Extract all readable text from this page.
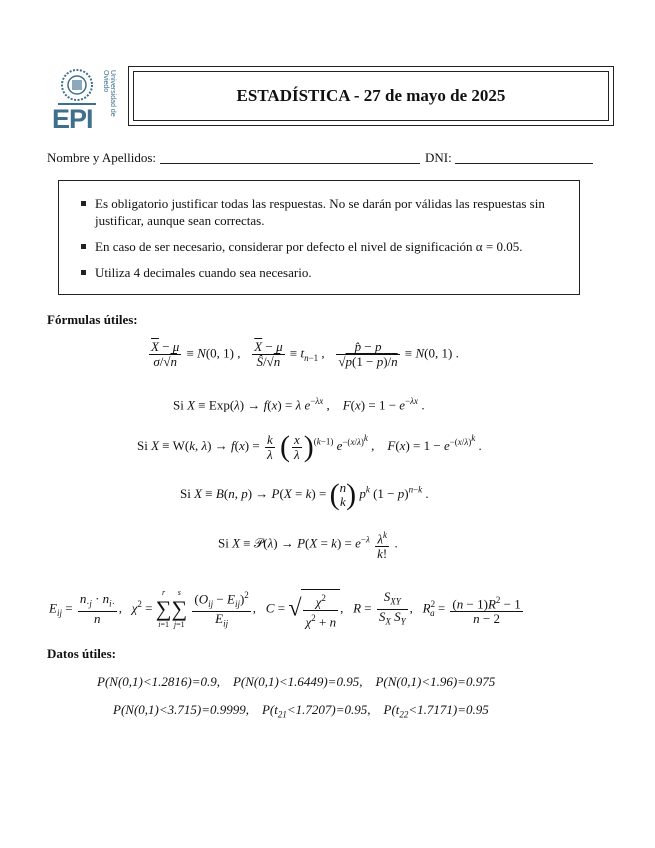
EPI
Universidad de Oviedo
ESTADÍSTICA - 27 de mayo de 2025
Nombre y Apellidos:	DNI:
Es obligatorio justificar todas las respuestas. No se darán por válidas las respuestas sin justificar, aunque sean correctas.
En caso de ser necesario, considerar por defecto el nivel de significación α = 0.05.
Utiliza 4 decimales cuando sea necesario.
Fórmulas útiles:
$\frac{\overline{X} - \mu}{\sigma/√n} \equiv N(0$, 1) , $\frac{\overline{X} - \mu}{Ŝ/√n} \equiv t_{n-1}$ , $\frac{p̂ - p}{√p(1 - p)/n} \equiv N(0$, 1) .
Si X ≡ Exp(λ) → f(x) = λ $e^{-\lambda x}$ ,    $F(x) = 1 - e^{-\lambda x}$ .
Si X ≡ W(k, $\lambda) \to f(x) = \frac{k}{\lambda}$ ( $\frac{x}{\lambda} )^{(k-1)}$ $e^{-(x/\lambda)^k}$ ,    $F(x) = 1 - e^{-(x/\lambda)^k}$ .
Si X ≡ B(n, p) → P(X = k) = ( n
k ) $p^k$ $(1 - p)^{n-k}$ .
Si X ≡ 𝒫(λ) → $P(X = k) = e^{-\lambda} \frac{\lambda^k}{k!}$ .
$E_{ij} = \frac{n_{\cdot j} \cdot n_{i\cdot}}{n}$ ,   $\chi^2 = r$
∑
i=1s
∑
$j=1 \frac{(O_{ij} - E_{ij})^2}{E_{ij}}$ ,   C = √ $\frac{\chi^2}{\chi^2 + n}$ ,   $R = \frac{S_{XY}}{S_X S_Y}$ ,   $R^2_a = \frac{(n - 1)R^2 - 1}{n - 2}$
Datos útiles:
P(N(0,1)<1.2816)=0.9, P(N(0,1)<1.6449)=0.95, P(N(0,1)<1.96)=0.975
P(N(0,1)<3.715)=0.9999, $P(t_{21}<1.7207)=0.95$, $P(t_{22}<1.7171)=0.95$
